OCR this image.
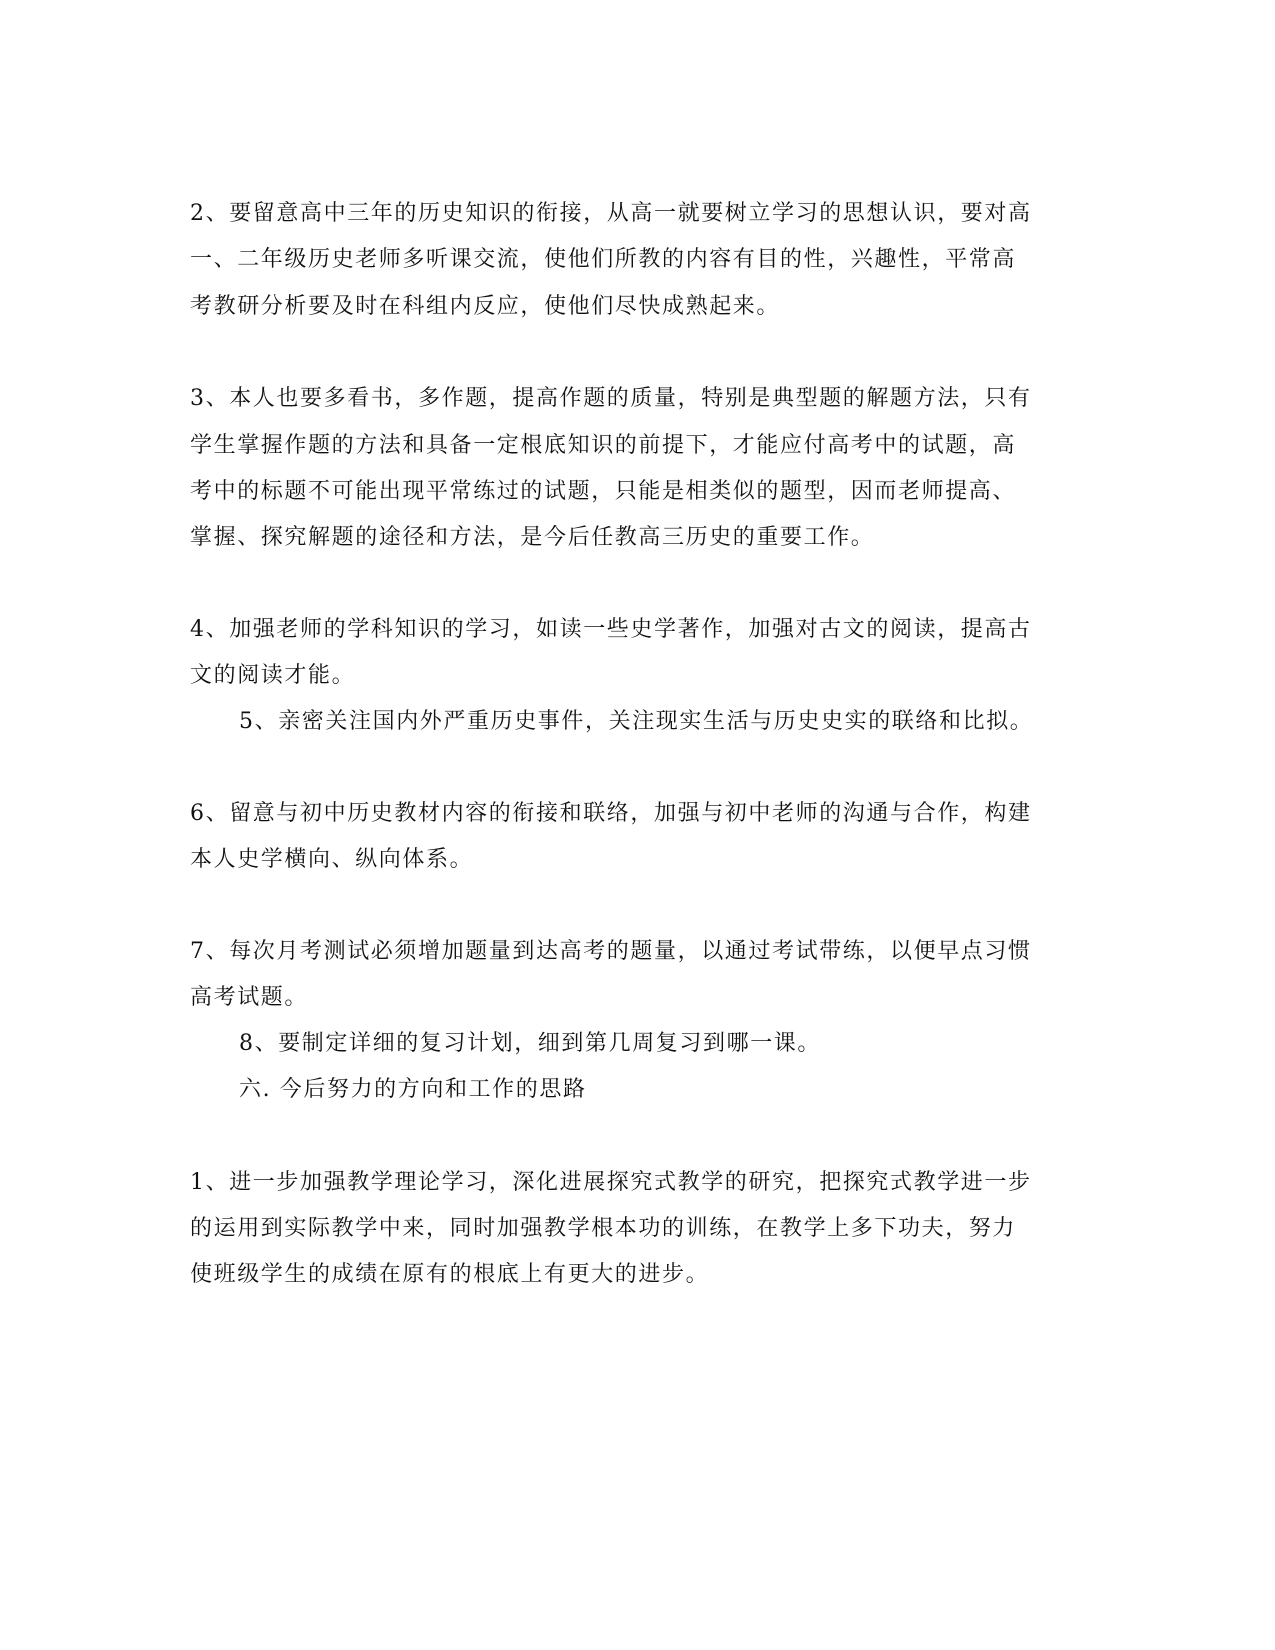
2、要留意高中三年的历史知识的衔接，从高一就要树立学习的思想认识，要对高
一、二年级历史老师多听课交流，使他们所教的内容有目的性，兴趣性，平常高
考教研分析要及时在科组内反应，使他们尽快成熟起来。
3、本人也要多看书，多作题，提高作题的质量，特别是典型题的解题方法，只有
学生掌握作题的方法和具备一定根底知识的前提下，才能应付高考中的试题，高
考中的标题不可能出现平常练过的试题，只能是相类似的题型，因而老师提高、
掌握、探究解题的途径和方法，是今后任教高三历史的重要工作。
4、加强老师的学科知识的学习，如读一些史学著作，加强对古文的阅读，提高古
文的阅读才能。
5、亲密关注国内外严重历史事件，关注现实生活与历史史实的联络和比拟。
6、留意与初中历史教材内容的衔接和联络，加强与初中老师的沟通与合作，构建
本人史学横向、纵向体系。
7、每次月考测试必须增加题量到达高考的题量，以通过考试带练，以便早点习惯
高考试题。
8、要制定详细的复习计划，细到第几周复习到哪一课。
六. 今后努力的方向和工作的思路
1、进一步加强教学理论学习，深化进展探究式教学的研究，把探究式教学进一步
的运用到实际教学中来，同时加强教学根本功的训练，在教学上多下功夫，努力
使班级学生的成绩在原有的根底上有更大的进步。
